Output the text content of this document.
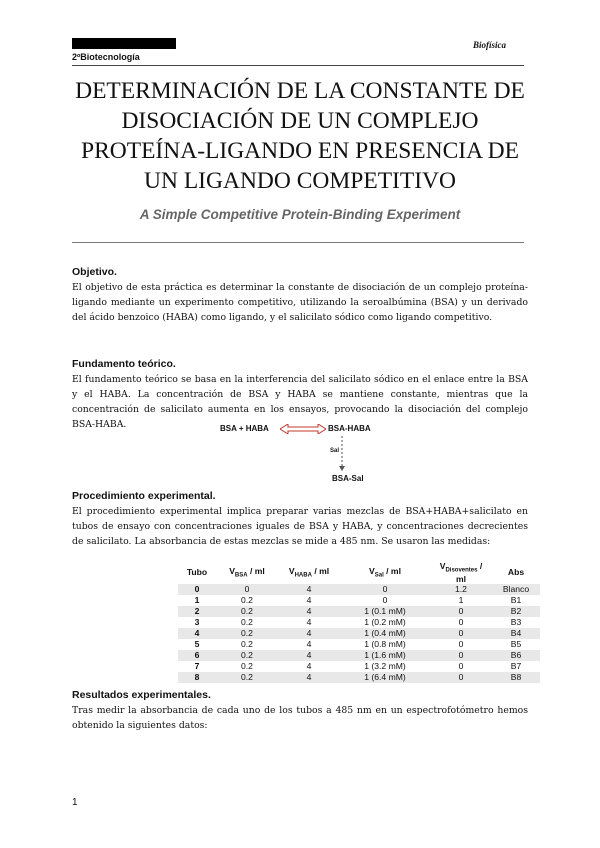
2ºBiotecnología
Biofísica
DETERMINACIÓN DE LA CONSTANTE DE DISOCIACIÓN DE UN COMPLEJO PROTEÍNA-LIGANDO EN PRESENCIA DE UN LIGANDO COMPETITIVO
A Simple Competitive Protein-Binding Experiment
Objetivo.

El objetivo de esta práctica es determinar la constante de disociación de un complejo proteína-ligando mediante un experimento competitivo, utilizando la seroalbúmina (BSA) y un derivado del ácido benzoico (HABA) como ligando, y el salicilato sódico como ligando competitivo.

Fundamento teórico.

El fundamento teórico se basa en la interferencia del salicilato sódico en el enlace entre la BSA y el HABA. La concentración de BSA y HABA se mantiene constante, mientras que la concentración de salicilato aumenta en los ensayos, provocando la disociación del complejo BSA-HABA.	BSA + HABA	BSA-HABA
Sal
BSA-Sal
Procedimiento experimental.

El procedimiento experimental implica preparar varias mezclas de BSA+HABA+salicilato en tubos de ensayo con concentraciones iguales de BSA y HABA, y concentraciones decrecientes de salicilato. La absorbancia de estas mezclas se mide a 485 nm. Se usaron las medidas:

Tubo	$V_{BSA}$ / ml	$V_{HABA}$ / ml	$V_{Sal}$ / ml	$V_{Disoventes}$ / ml	Abs
0	0	4	0	1.2	Blanco
1	0.2	4	0	1	B1
2	0.2	4	1 (0.1 mM)	0	B2
3	0.2	4	1 (0.2 mM)	0	B3
4	0.2	4	1 (0.4 mM)	0	B4
5	0.2	4	1 (0.8 mM)	0	B5
6	0.2	4	1 (1.6 mM)	0	B6
7	0.2	4	1 (3.2 mM)	0	B7
8	0.2	4	1 (6.4 mM)	0	B8
Resultados experimentales.

Tras medir la absorbancia de cada uno de los tubos a 485 nm en un espectrofotómetro hemos obtenido la siguientes datos:

1
